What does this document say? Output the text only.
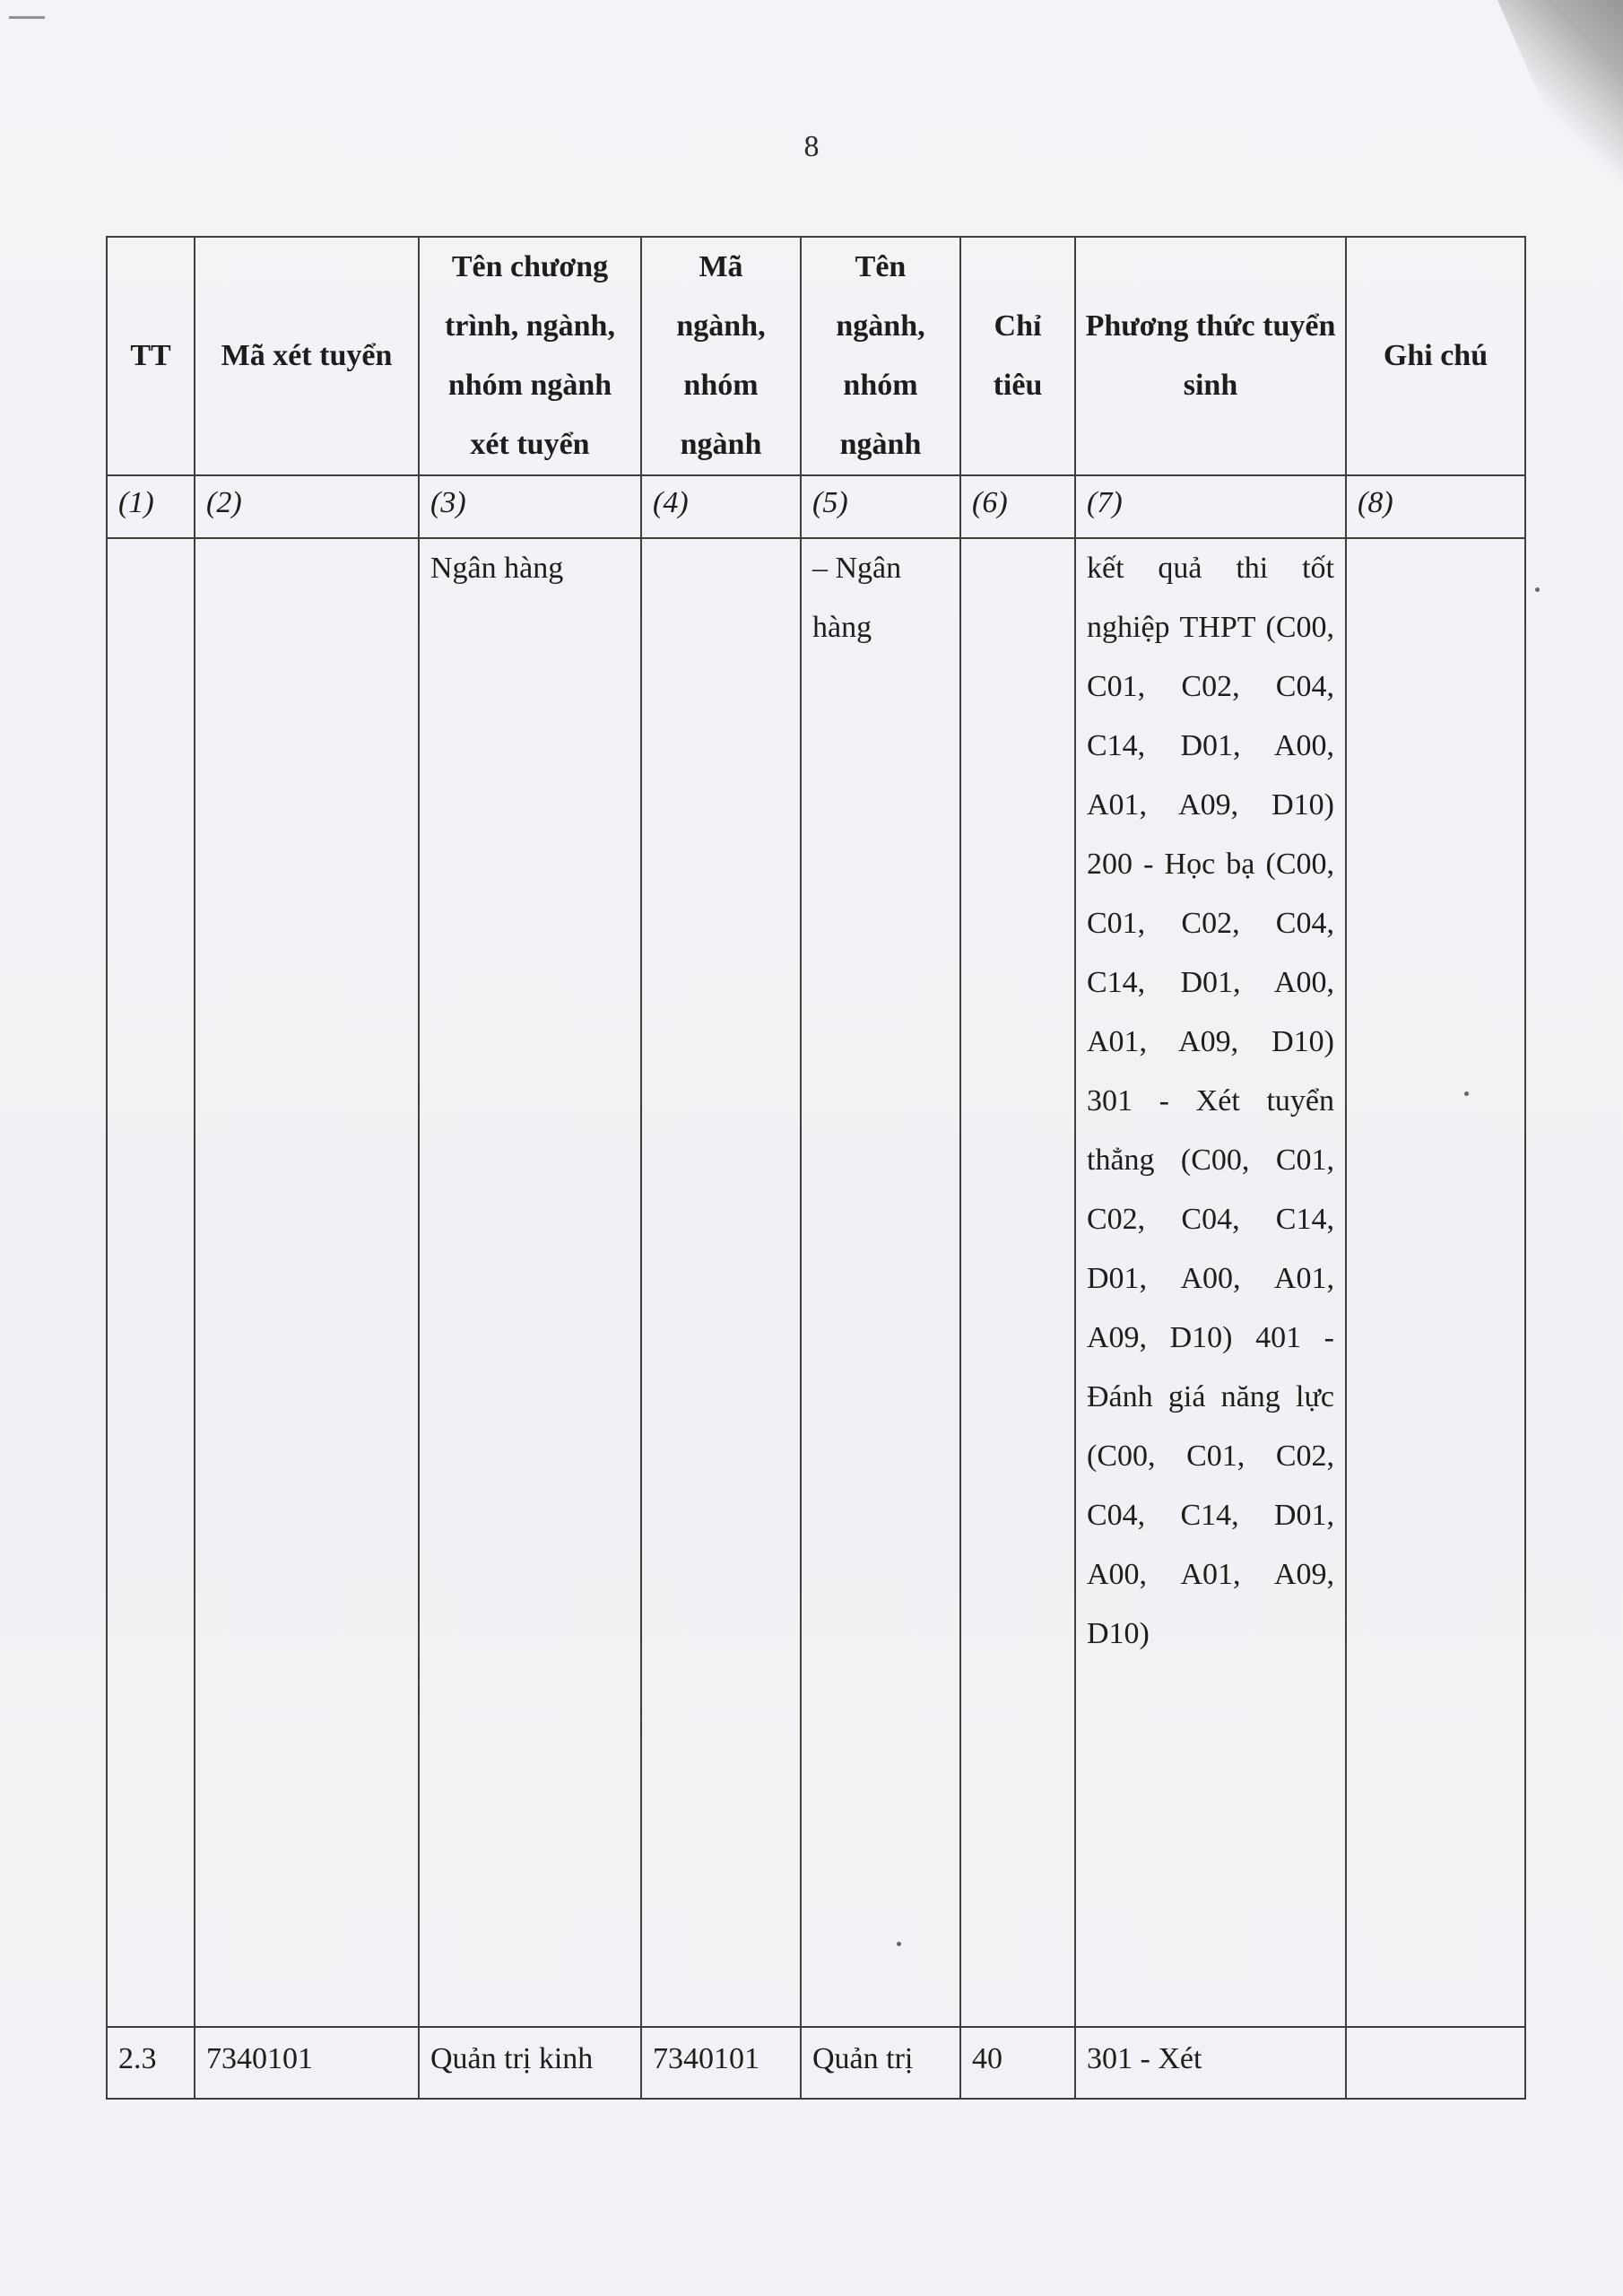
8
TT	Mã xét tuyển	Tên chương trình, ngành, nhóm ngành xét tuyển	Mã ngành, nhóm ngành	Tên ngành, nhóm ngành	Chỉ tiêu	Phương thức tuyển sinh	Ghi chú
(1)	(2)	(3)	(4)	(5)	(6)	(7)	(8)
		Ngân hàng		– Ngân hàng		kết quả thi tốt nghiệp THPT (C00, C01, C02, C04, C14, D01, A00, A01, A09, D10) 200 - Học bạ (C00, C01, C02, C04, C14, D01, A00, A01, A09, D10) 301 - Xét tuyển thẳng (C00, C01, C02, C04, C14, D01, A00, A01, A09, D10) 401 - Đánh giá năng lực (C00, C01, C02, C04, C14, D01, A00, A01, A09, D10)	
2.3	7340101	Quản trị kinh	7340101	Quản trị	40	301 - Xét	
